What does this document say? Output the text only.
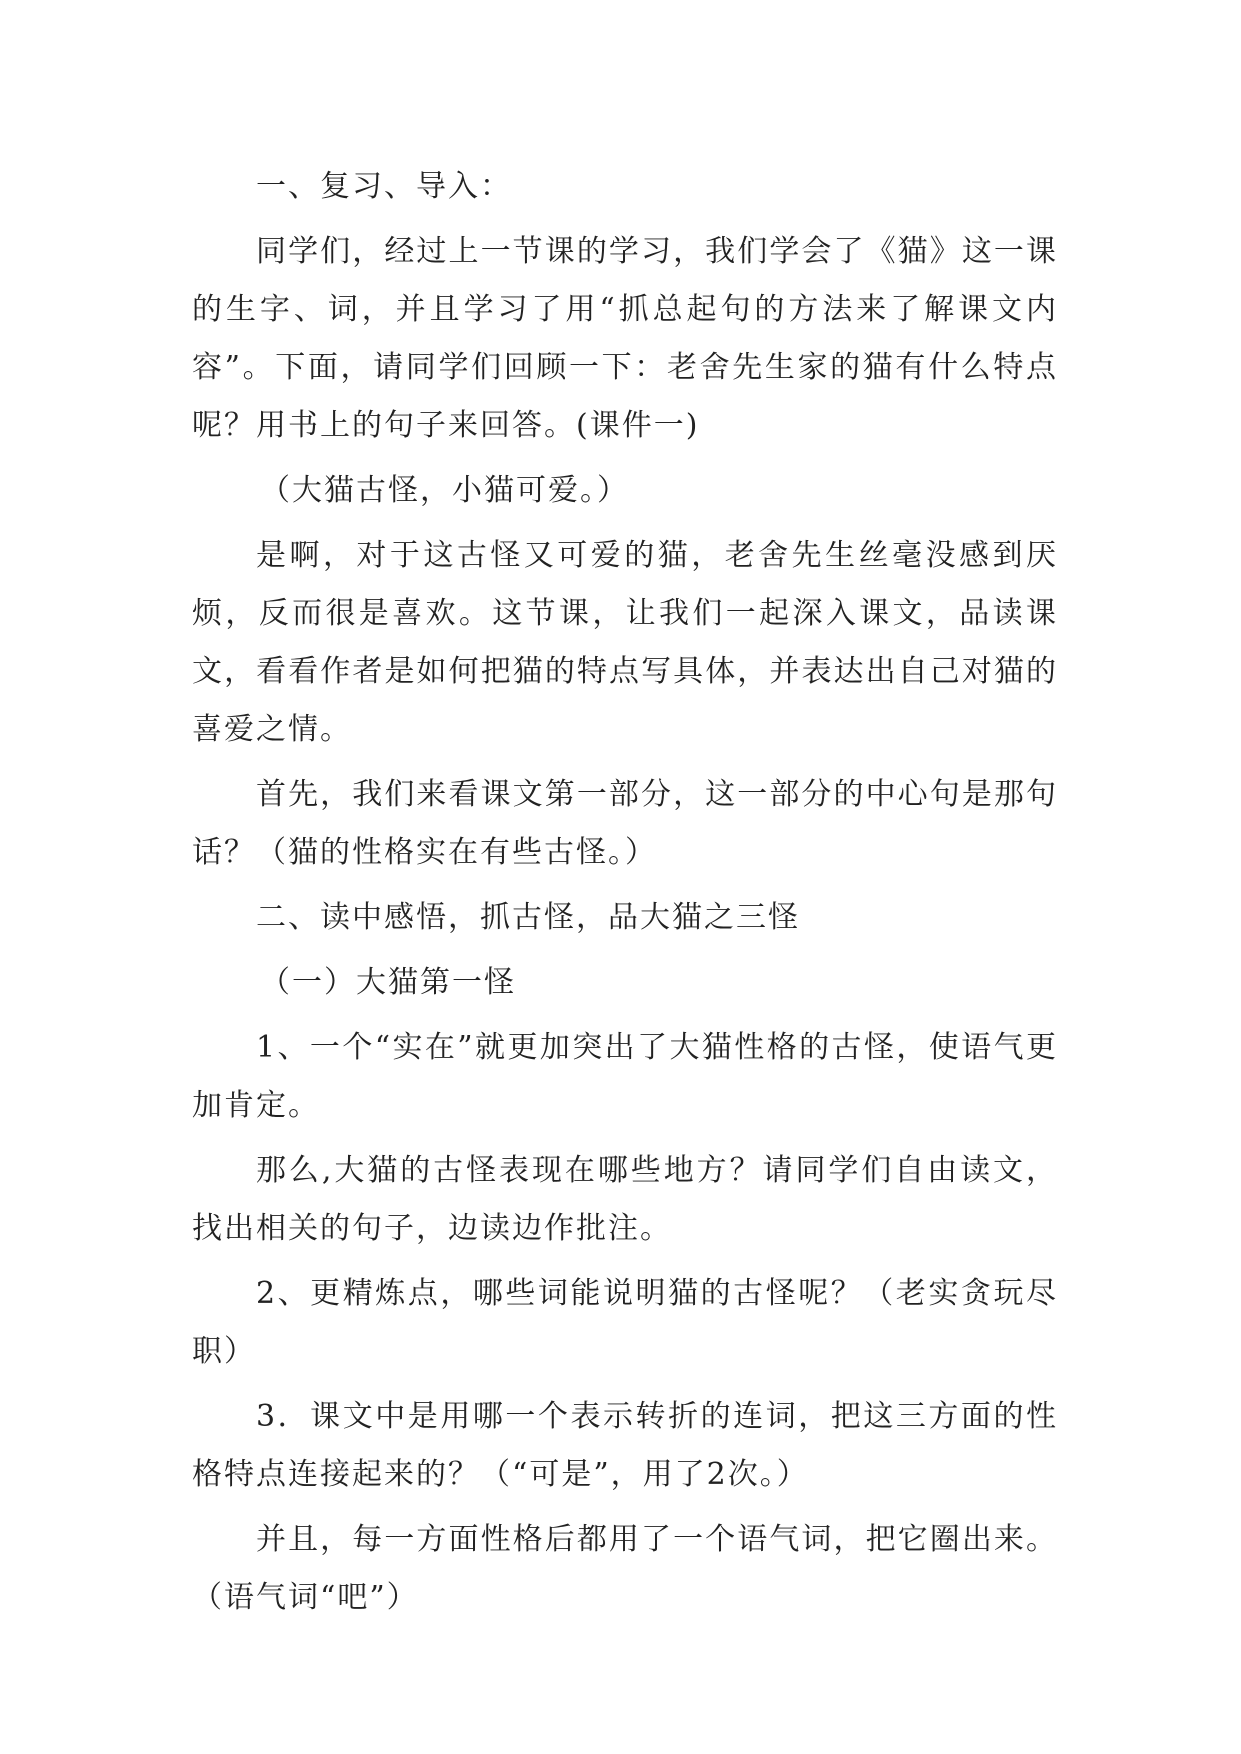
一、复习、导入：

同学们，经过上一节课的学习，我们学会了《猫》这一课的生字、词，并且学习了用“抓总起句的方法来了解课文内容”。下面，请同学们回顾一下：老舍先生家的猫有什么特点呢？用书上的句子来回答。(课件一)

（大猫古怪，小猫可爱。）

是啊，对于这古怪又可爱的猫，老舍先生丝毫没感到厌烦，反而很是喜欢。这节课，让我们一起深入课文，品读课文，看看作者是如何把猫的特点写具体，并表达出自己对猫的喜爱之情。

首先，我们来看课文第一部分，这一部分的中心句是那句话？（猫的性格实在有些古怪。）

二、读中感悟，抓古怪，品大猫之三怪

（一）大猫第一怪

1、一个“实在”就更加突出了大猫性格的古怪，使语气更加肯定。

那么,大猫的古怪表现在哪些地方？请同学们自由读文，找出相关的句子，边读边作批注。

2、更精炼点，哪些词能说明猫的古怪呢？（老实贪玩尽职）

3．课文中是用哪一个表示转折的连词，把这三方面的性格特点连接起来的？（“可是”，用了2次。）

并且，每一方面性格后都用了一个语气词，把它圈出来。（语气词“吧”）
